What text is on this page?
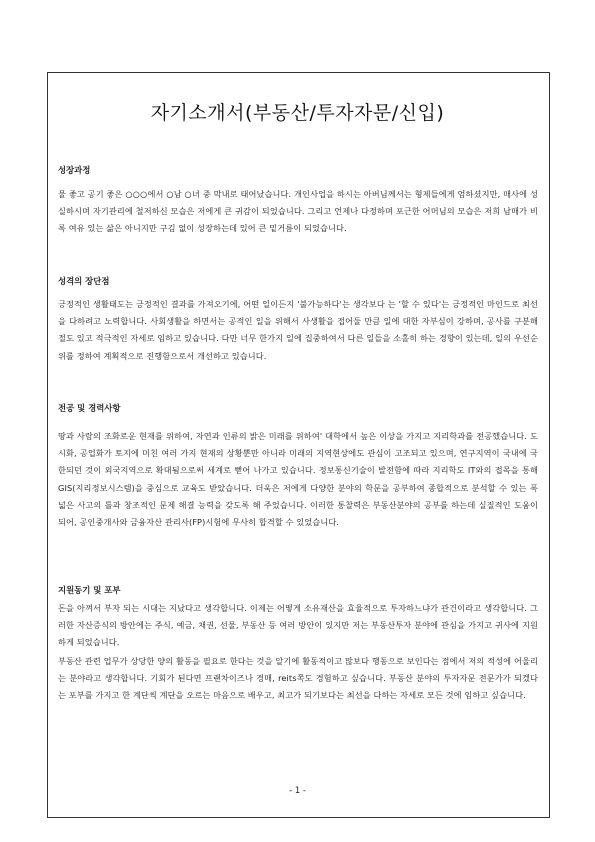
자기소개서(부동산/투자자문/신입)
성장과정
물 좋고 공기 좋은 ○○○에서 ○남 ○녀 중 막내로 태어났습니다. 개인사업을 하시는 아버님께서는 형제들에게 엄하셨지만, 매사에 성실하시며 자기관리에 철저하신 모습은 저에게 큰 귀감이 되었습니다. 그리고 언제나 다정하며 포근한 어머님의 모습은 저희 남매가 비록 여유 있는 삶은 아니지만 구김 없이 성장하는데 있어 큰 밑거름이 되었습니다.
성격의 장단점
긍정적인 생활태도는 긍정적인 결과를 가져오기에, 어떤 일이든지 '불가능하다'는 생각보다 는 '할 수 있다'는 긍정적인 마인드로 최선을 다하려고 노력합니다. 사회생활을 하면서는 공적인 일을 위해서 사생활을 접어둘 만큼 일에 대한 자부심이 강하며, 공사를 구분해 절도 있고 적극적인 자세로 임하고 있습니다. 다만 너무 한가지 일에 집중하여서 다른 일들을 소홀히 하는 경향이 있는데, 일의 우선순위를 정하여 계획적으로 진행함으로서 개선하고 있습니다.
전공 및 경력사항
땅과 사람의 조화로운 현재를 위하여, 자연과 인류의 밝은 미래를 위하여' 대학에서 높은 이상을 가지고 지리학과를 전공했습니다. 도시화, 공업화가 토지에 미친 여러 가지 현재의 상황뿐만 아니라 미래의 지역현상에도 관심이 고조되고 있으며, 연구지역이 국내에 국한되던 것이 외국지역으로 확대됨으로써 세계로 뻗어 나가고 있습니다. 정보통신기술이 발전함에 따라 지리학도 IT와의 접목을 통해 GIS(지리정보시스템)을 중심으로 교육도 받았습니다. 더욱은 저에게 다양한 분야의 학문을 공부하여 종합적으로 분석할 수 있는 폭 넓은 사고의 틀과 창조적인 문제 해결 능력을 갖도록 해 주었습니다. 이러한 통찰력은 부동산분야의 공부를 하는데 실질적인 도움이 되어, 공인중개사와 금융자산 관리사(FP)시험에 무사히 합격할 수 있었습니다.
지원동기 및 포부
돈을 아껴서 부자 되는 시대는 지났다고 생각합니다. 이제는 어떻게 소유재산을 효율적으로 투자하느냐가 관건이라고 생각합니다. 그러한 자산증식의 방안에는 주식, 예금, 채권, 선물, 부동산 등 여러 방안이 있지만 저는 부동산투자 분야에 관심을 가지고 귀사에 지원하게 되었습니다.
부동산 관련 업무가 상당한 양의 활동을 필요로 한다는 것을 알기에 활동적이고 많보다 행동으로 보인다는 점에서 저의 적성에 어울리는 분야라고 생각합니다. 기회가 된다면 프랜차이즈나 경매, reits쪽도 경험하고 싶습니다. 부동산 분야의 투자자문 전문가가 되겠다는 포부를 가지고 한 계단씩 계단을 오르는 마음으로 배우고, 최고가 되기보다는 최선을 다하는 자세로 모든 것에 임하고 싶습니다.
- 1 -
